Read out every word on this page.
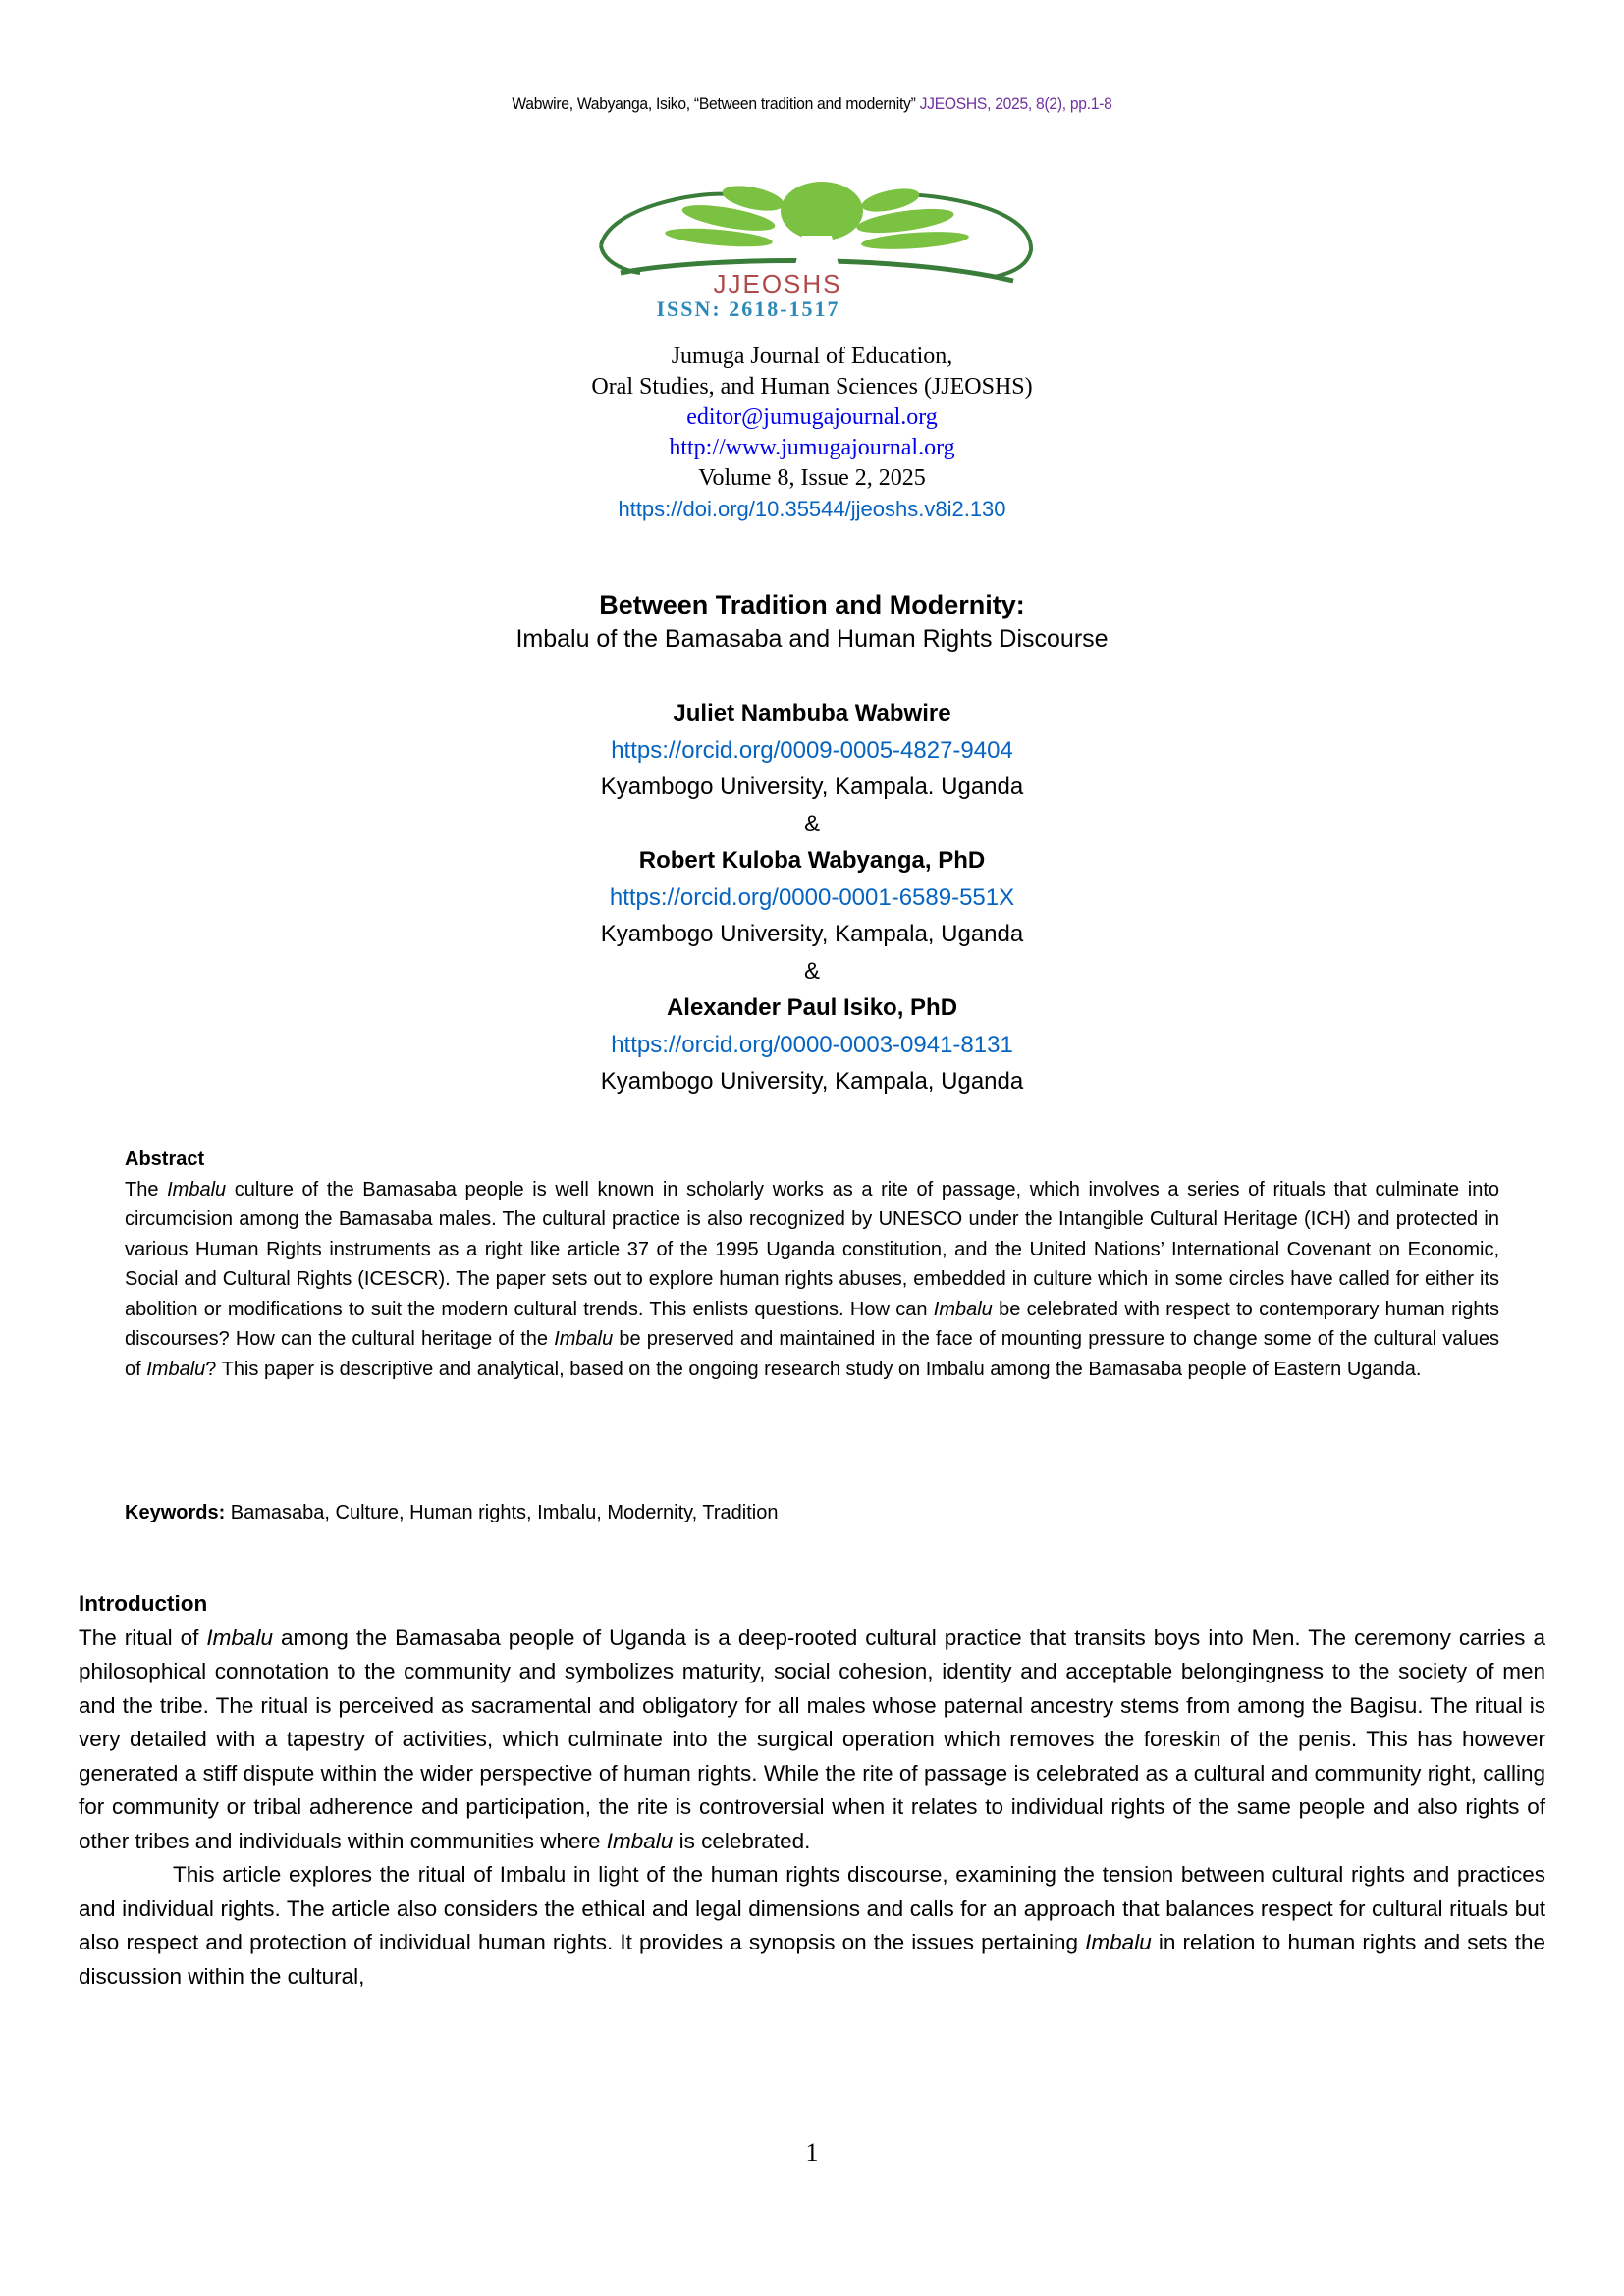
Wabwire, Wabyanga, Isiko, “Between tradition and modernity” JJEOSHS, 2025, 8(2), pp.1-8
JJEOSHS
ISSN: 2618-1517
Jumuga Journal of Education,
Oral Studies, and Human Sciences (JJEOSHS)
editor@jumugajournal.org
http://www.jumugajournal.org
Volume 8, Issue 2, 2025
https://doi.org/10.35544/jjeoshs.v8i2.130
Between Tradition and Modernity:
Imbalu of the Bamasaba and Human Rights Discourse
Juliet Nambuba Wabwire
https://orcid.org/0009-0005-4827-9404
Kyambogo University, Kampala. Uganda
&
Robert Kuloba Wabyanga, PhD
https://orcid.org/0000-0001-6589-551X
Kyambogo University, Kampala, Uganda
&
Alexander Paul Isiko, PhD
https://orcid.org/0000-0003-0941-8131
Kyambogo University, Kampala, Uganda
Abstract

The Imbalu culture of the Bamasaba people is well known in scholarly works as a rite of passage, which involves a series of rituals that culminate into circumcision among the Bamasaba males. The cultural practice is also recognized by UNESCO under the Intangible Cultural Heritage (ICH) and protected in various Human Rights instruments as a right like article 37 of the 1995 Uganda constitution, and the United Nations’ International Covenant on Economic, Social and Cultural Rights (ICESCR). The paper sets out to explore human rights abuses, embedded in culture which in some circles have called for either its abolition or modifications to suit the modern cultural trends. This enlists questions. How can Imbalu be celebrated with respect to contemporary human rights discourses? How can the cultural heritage of the Imbalu be preserved and maintained in the face of mounting pressure to change some of the cultural values of Imbalu? This paper is descriptive and analytical, based on the ongoing research study on Imbalu among the Bamasaba people of Eastern Uganda.

Keywords: Bamasaba, Culture, Human rights, Imbalu, Modernity, Tradition
Introduction

The ritual of Imbalu among the Bamasaba people of Uganda is a deep-rooted cultural practice that transits boys into Men. The ceremony carries a philosophical connotation to the community and symbolizes maturity, social cohesion, identity and acceptable belongingness to the society of men and the tribe. The ritual is perceived as sacramental and obligatory for all males whose paternal ancestry stems from among the Bagisu. The ritual is very detailed with a tapestry of activities, which culminate into the surgical operation which removes the foreskin of the penis. This has however generated a stiff dispute within the wider perspective of human rights. While the rite of passage is celebrated as a cultural and community right, calling for community or tribal adherence and participation, the rite is controversial when it relates to individual rights of the same people and also rights of other tribes and individuals within communities where Imbalu is celebrated.

This article explores the ritual of Imbalu in light of the human rights discourse, examining the tension between cultural rights and practices and individual rights. The article also considers the ethical and legal dimensions and calls for an approach that balances respect for cultural rituals but also respect and protection of individual human rights. It provides a synopsis on the issues pertaining Imbalu in relation to human rights and sets the discussion within the cultural,

1
